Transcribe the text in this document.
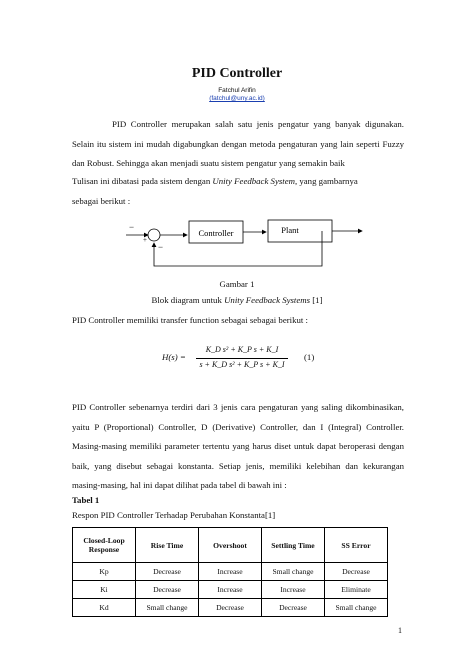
PID Controller
Fatchul Arifin
(fatchul@uny.ac.id)

PID Controller merupakan salah satu jenis pengatur yang banyak digunakan. Selain itu sistem ini mudah digabungkan dengan metoda pengaturan yang lain seperti Fuzzy dan Robust. Sehingga akan menjadi suatu sistem pengatur yang semakin baik

Tulisan ini dibatasi pada sistem dengan Unity Feedback System, yang gambarnya

sebagai berikut :

Controller	Plant
−
+
−

Gambar 1

Blok diagram untuk Unity Feedback Systems [1]

PID Controller memiliki transfer function sebagai sebagai berikut :

H(s) =
K_D s² + K_P s + K_I
s + K_D s² + K_P s + K_I
(1)

PID Controller sebenarnya terdiri dari 3 jenis cara pengaturan yang saling dikombinasikan, yaitu P (Proportional) Controller, D (Derivative) Controller, dan I (Integral) Controller. Masing-masing memiliki parameter tertentu yang harus diset untuk dapat beroperasi dengan baik, yang disebut sebagai konstanta. Setiap jenis, memiliki kelebihan dan kekurangan masing-masing, hal ini dapat dilihat pada tabel di bawah ini :

Tabel 1

Respon PID Controller Terhadap Perubahan Konstanta[1]

Closed-Loop Response	Rise Time	Overshoot	Settling Time	SS Error
Kp	Decrease	Increase	Small change	Decrease
Ki	Decrease	Increase	Increase	Eliminate
Kd	Small change	Decrease	Decrease	Small change
1
